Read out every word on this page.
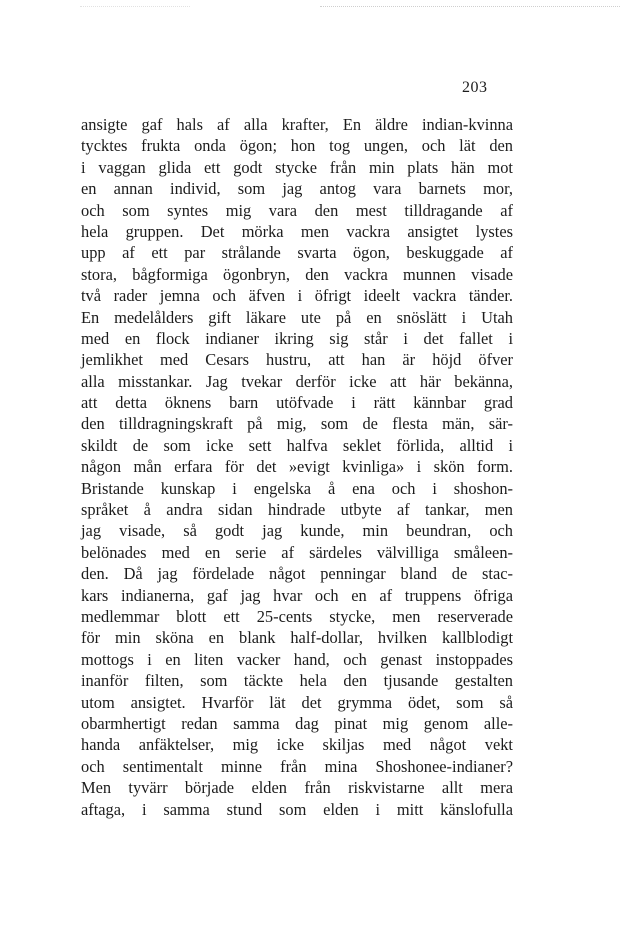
203
ansigte gaf hals af alla krafter, En äldre indian-kvinna
tycktes frukta onda ögon; hon tog ungen, och lät den
i vaggan glida ett godt stycke från min plats hän mot
en annan individ, som jag antog vara barnets mor,
och som syntes mig vara den mest tilldragande af
hela gruppen. Det mörka men vackra ansigtet lystes
upp af ett par strålande svarta ögon, beskuggade af
stora, bågformiga ögonbryn, den vackra munnen visade
två rader jemna och äfven i öfrigt ideelt vackra tänder.
En medelålders gift läkare ute på en snöslätt i Utah
med en flock indianer ikring sig står i det fallet i
jemlikhet med Cesars hustru, att han är höjd öfver
alla misstankar. Jag tvekar derför icke att här bekänna,
att detta öknens barn utöfvade i rätt kännbar grad
den tilldragningskraft på mig, som de flesta män, sär-
skildt de som icke sett halfva seklet förlida, alltid i
någon mån erfara för det »evigt kvinliga» i skön form.
Bristande kunskap i engelska å ena och i shoshon-
språket å andra sidan hindrade utbyte af tankar, men
jag visade, så godt jag kunde, min beundran, och
belönades med en serie af särdeles välvilliga småleen-
den. Då jag fördelade något penningar bland de stac-
kars indianerna, gaf jag hvar och en af truppens öfriga
medlemmar blott ett 25-cents stycke, men reserverade
för min sköna en blank half-dollar, hvilken kallblodigt
mottogs i en liten vacker hand, och genast instoppades
inanför filten, som täckte hela den tjusande gestalten
utom ansigtet. Hvarför lät det grymma ödet, som så
obarmhertigt redan samma dag pinat mig genom alle-
handa anfäktelser, mig icke skiljas med något vekt
och sentimentalt minne från mina Shoshonee-indianer?
Men tyvärr började elden från riskvistarne allt mera
aftaga, i samma stund som elden i mitt känslofulla
